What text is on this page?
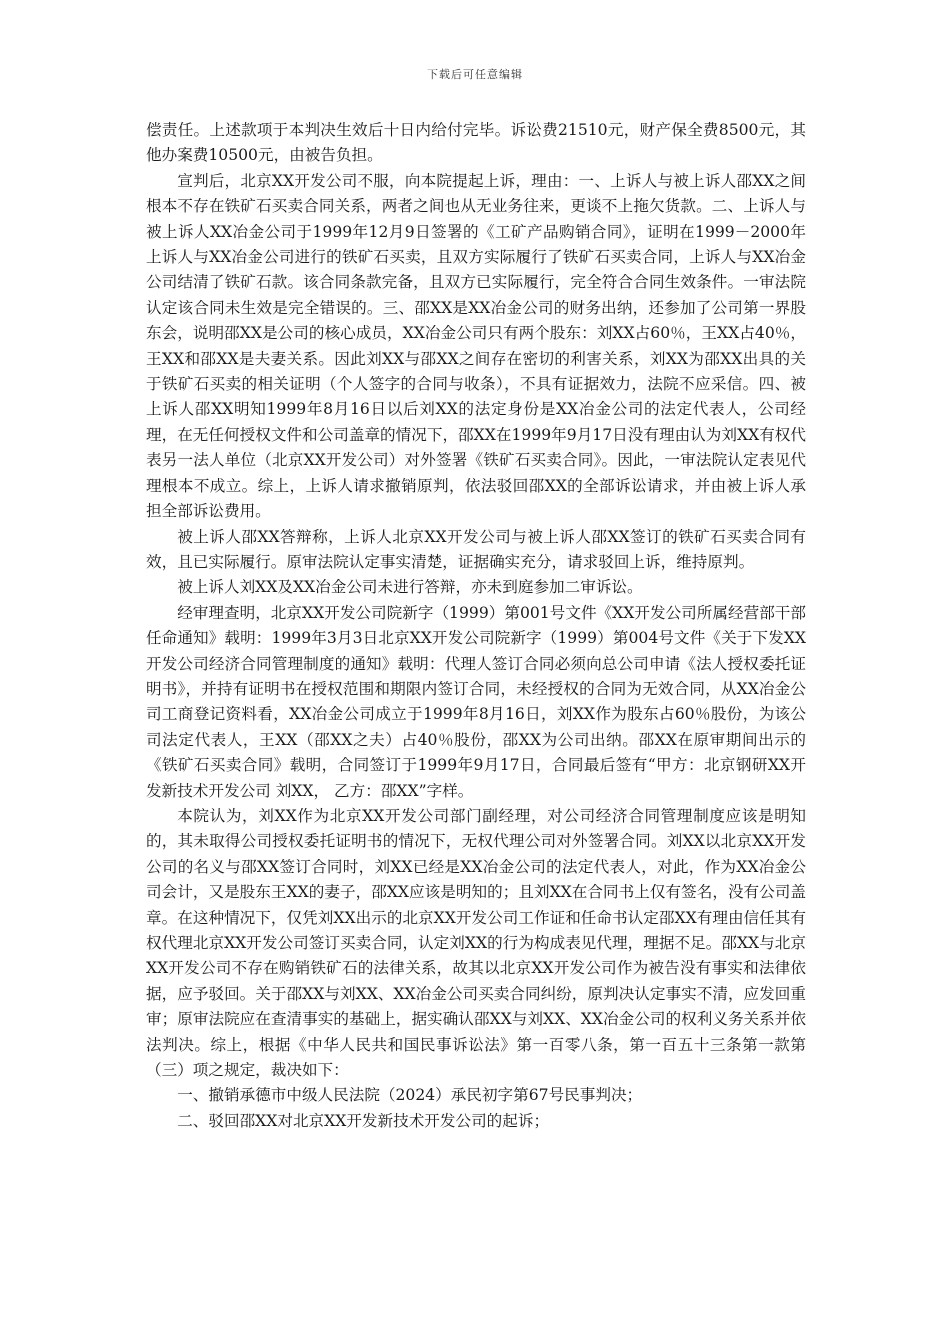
下载后可任意编辑

偿责任。上述款项于本判决生效后十日内给付完毕。诉讼费21510元，财产保全费8500元，其他办案费10500元，由被告负担。

宣判后，北京XX开发公司不服，向本院提起上诉，理由：一、上诉人与被上诉人邵XX之间根本不存在铁矿石买卖合同关系，两者之间也从无业务往来，更谈不上拖欠货款。二、上诉人与被上诉人XX冶金公司于1999年12月9日签署的《工矿产品购销合同》，证明在1999－2000年上诉人与XX冶金公司进行的铁矿石买卖，且双方实际履行了铁矿石买卖合同，上诉人与XX冶金公司结清了铁矿石款。该合同条款完备，且双方已实际履行，完全符合合同生效条件。一审法院认定该合同未生效是完全错误的。三、邵XX是XX冶金公司的财务出纳，还参加了公司第一界股东会，说明邵XX是公司的核心成员，XX冶金公司只有两个股东：刘XX占60％，王XX占40％，王XX和邵XX是夫妻关系。因此刘XX与邵XX之间存在密切的利害关系，刘XX为邵XX出具的关于铁矿石买卖的相关证明（个人签字的合同与收条），不具有证据效力，法院不应采信。四、被上诉人邵XX明知1999年8月16日以后刘XX的法定身份是XX冶金公司的法定代表人，公司经理，在无任何授权文件和公司盖章的情况下，邵XX在1999年9月17日没有理由认为刘XX有权代表另一法人单位（北京XX开发公司）对外签署《铁矿石买卖合同》。因此，一审法院认定表见代理根本不成立。综上，上诉人请求撤销原判，依法驳回邵XX的全部诉讼请求，并由被上诉人承担全部诉讼费用。

被上诉人邵XX答辩称，上诉人北京XX开发公司与被上诉人邵XX签订的铁矿石买卖合同有效，且已实际履行。原审法院认定事实清楚，证据确实充分，请求驳回上诉，维持原判。

被上诉人刘XX及XX冶金公司未进行答辩，亦未到庭参加二审诉讼。

经审理查明，北京XX开发公司院新字（1999）第001号文件《XX开发公司所属经营部干部任命通知》载明：1999年3月3日北京XX开发公司院新字（1999）第004号文件《关于下发XX开发公司经济合同管理制度的通知》载明：代理人签订合同必须向总公司申请《法人授权委托证明书》，并持有证明书在授权范围和期限内签订合同，未经授权的合同为无效合同，从XX冶金公司工商登记资料看，XX冶金公司成立于1999年8月16日，刘XX作为股东占60％股份，为该公司法定代表人，王XX（邵XX之夫）占40％股份，邵XX为公司出纳。邵XX在原审期间出示的《铁矿石买卖合同》载明，合同签订于1999年9月17日，合同最后签有“甲方：北京钢研XX开发新技术开发公司 刘XX， 乙方：邵XX”字样。

本院认为，刘XX作为北京XX开发公司部门副经理，对公司经济合同管理制度应该是明知的，其未取得公司授权委托证明书的情况下，无权代理公司对外签署合同。刘XX以北京XX开发公司的名义与邵XX签订合同时，刘XX已经是XX冶金公司的法定代表人，对此，作为XX冶金公司会计，又是股东王XX的妻子，邵XX应该是明知的；且刘XX在合同书上仅有签名，没有公司盖章。在这种情况下，仅凭刘XX出示的北京XX开发公司工作证和任命书认定邵XX有理由信任其有权代理北京XX开发公司签订买卖合同，认定刘XX的行为构成表见代理，理据不足。邵XX与北京XX开发公司不存在购销铁矿石的法律关系，故其以北京XX开发公司作为被告没有事实和法律依据，应予驳回。关于邵XX与刘XX、XX冶金公司买卖合同纠纷，原判决认定事实不清，应发回重审；原审法院应在查清事实的基础上，据实确认邵XX与刘XX、XX冶金公司的权利义务关系并依法判决。综上，根据《中华人民共和国民事诉讼法》第一百零八条，第一百五十三条第一款第（三）项之规定，裁决如下：

一、撤销承德市中级人民法院（2024）承民初字第67号民事判决；

二、驳回邵XX对北京XX开发新技术开发公司的起诉；
